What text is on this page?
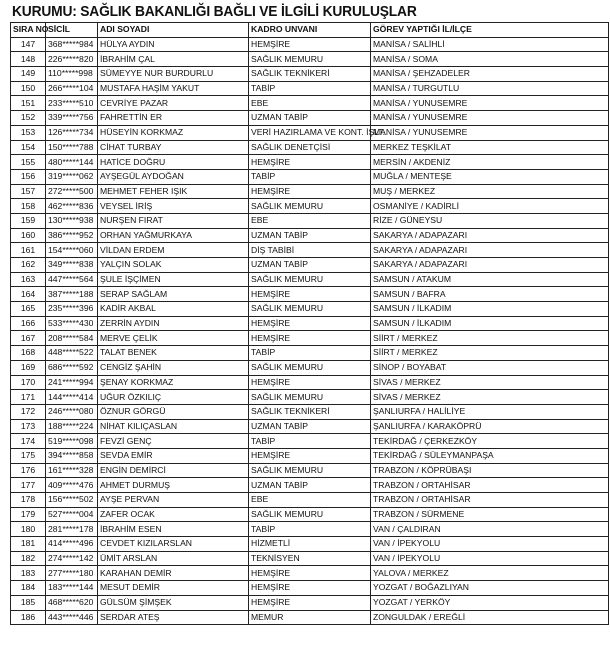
KURUMU: SAĞLIK BAKANLIĞI BAĞLI VE İLGİLİ KURULUŞLAR
SIRA NO	SİCİL	ADI SOYADI	KADRO UNVANI	GÖREV YAPTIĞI İL/İLÇE
147	368*****984	HÜLYA AYDIN	HEMŞİRE	MANİSA / SALİHLİ
148	226*****820	İBRAHİM ÇAL	SAĞLIK MEMURU	MANİSA / SOMA
149	110*****998	SÜMEYYE NUR BURDURLU	SAĞLIK TEKNİKERİ	MANİSA / ŞEHZADELER
150	266*****104	MUSTAFA HAŞİM YAKUT	TABİP	MANİSA / TURGUTLU
151	233*****510	CEVRİYE PAZAR	EBE	MANİSA / YUNUSEMRE
152	339*****756	FAHRETTİN ER	UZMAN TABİP	MANİSA / YUNUSEMRE
153	126*****734	HÜSEYİN KORKMAZ	VERİ HAZIRLAMA VE KONT. İŞLT.	MANİSA / YUNUSEMRE
154	150*****788	CİHAT TURBAY	SAĞLIK DENETÇİSİ	MERKEZ TEŞKİLAT
155	480*****144	HATİCE DOĞRU	HEMŞİRE	MERSİN / AKDENİZ
156	319*****062	AYŞEGÜL AYDOĞAN	TABİP	MUĞLA / MENTEŞE
157	272*****500	MEHMET FEHER IŞIK	HEMŞİRE	MUŞ / MERKEZ
158	462*****836	VEYSEL İRİŞ	SAĞLIK MEMURU	OSMANİYE / KADİRLİ
159	130*****938	NURŞEN FIRAT	EBE	RİZE / GÜNEYSU
160	386*****952	ORHAN YAĞMURKAYA	UZMAN TABİP	SAKARYA / ADAPAZARI
161	154*****060	VİLDAN ERDEM	DİŞ TABİBİ	SAKARYA / ADAPAZARI
162	349*****838	YALÇIN SOLAK	UZMAN TABİP	SAKARYA / ADAPAZARI
163	447*****564	ŞULE İŞÇİMEN	SAĞLIK MEMURU	SAMSUN / ATAKUM
164	387*****188	SERAP SAĞLAM	HEMŞİRE	SAMSUN / BAFRA
165	235*****396	KADİR AKBAL	SAĞLIK MEMURU	SAMSUN / İLKADIM
166	533*****430	ZERRİN AYDIN	HEMŞİRE	SAMSUN / İLKADIM
167	208*****584	MERVE ÇELİK	HEMŞİRE	SİİRT / MERKEZ
168	448*****522	TALAT BENEK	TABİP	SİİRT / MERKEZ
169	686*****592	CENGİZ ŞAHİN	SAĞLIK MEMURU	SİNOP / BOYABAT
170	241*****994	ŞENAY KORKMAZ	HEMŞİRE	SİVAS / MERKEZ
171	144*****414	UĞUR ÖZKILIÇ	SAĞLIK MEMURU	SİVAS / MERKEZ
172	246*****080	ÖZNUR GÖRGÜ	SAĞLIK TEKNİKERİ	ŞANLIURFA / HALİLİYE
173	188*****224	NİHAT KILIÇASLAN	UZMAN TABİP	ŞANLIURFA / KARAKÖPRÜ
174	519*****098	FEVZİ GENÇ	TABİP	TEKİRDAĞ / ÇERKEZKÖY
175	394*****858	SEVDA EMİR	HEMŞİRE	TEKİRDAĞ / SÜLEYMANPAŞA
176	161*****328	ENGİN DEMİRCİ	SAĞLIK MEMURU	TRABZON / KÖPRÜBAŞI
177	409*****476	AHMET DURMUŞ	UZMAN TABİP	TRABZON / ORTAHİSAR
178	156*****502	AYŞE PERVAN	EBE	TRABZON / ORTAHİSAR
179	527*****004	ZAFER OCAK	SAĞLIK MEMURU	TRABZON / SÜRMENE
180	281*****178	İBRAHİM ESEN	TABİP	VAN / ÇALDIRAN
181	414*****496	CEVDET KIZILARSLAN	HİZMETLİ	VAN / İPEKYOLU
182	274*****142	ÜMİT ARSLAN	TEKNİSYEN	VAN / İPEKYOLU
183	277*****180	KARAHAN DEMİR	HEMŞİRE	YALOVA / MERKEZ
184	183*****144	MESUT DEMİR	HEMŞİRE	YOZGAT / BOĞAZLIYAN
185	468*****620	GÜLSÜM ŞİMŞEK	HEMŞİRE	YOZGAT / YERKÖY
186	443*****446	SERDAR ATEŞ	MEMUR	ZONGULDAK / EREĞLİ
